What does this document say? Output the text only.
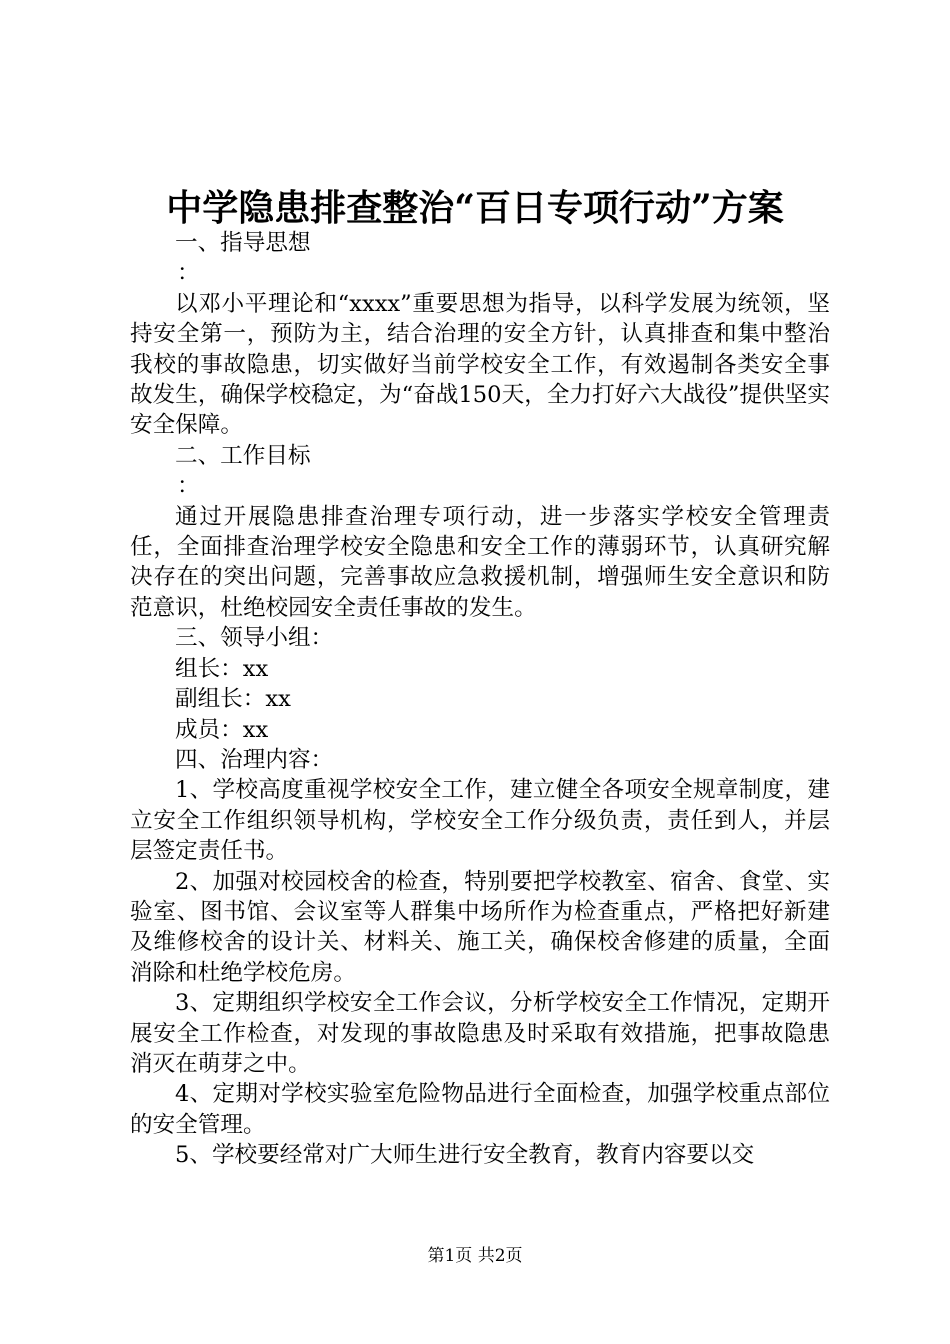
中学隐患排查整治“百日专项行动”方案

一、指导思想

：

以邓小平理论和“xxxx”重要思想为指导，以科学发展为统领，坚持安全第一，预防为主，结合治理的安全方针，认真排查和集中整治我校的事故隐患，切实做好当前学校安全工作，有效遏制各类安全事故发生，确保学校稳定，为“奋战150天，全力打好六大战役”提供坚实安全保障。

二、工作目标

：

通过开展隐患排查治理专项行动，进一步落实学校安全管理责任，全面排查治理学校安全隐患和安全工作的薄弱环节，认真研究解决存在的突出问题，完善事故应急救援机制，增强师生安全意识和防范意识，杜绝校园安全责任事故的发生。

三、领导小组：

组长：xx

副组长：xx

成员：xx

四、治理内容：

1、学校高度重视学校安全工作，建立健全各项安全规章制度，建立安全工作组织领导机构，学校安全工作分级负责，责任到人，并层层签定责任书。

2、加强对校园校舍的检查，特别要把学校教室、宿舍、食堂、实验室、图书馆、会议室等人群集中场所作为检查重点，严格把好新建及维修校舍的设计关、材料关、施工关，确保校舍修建的质量，全面消除和杜绝学校危房。

3、定期组织学校安全工作会议，分析学校安全工作情况，定期开展安全工作检查，对发现的事故隐患及时采取有效措施，把事故隐患消灭在萌芽之中。

4、定期对学校实验室危险物品进行全面检查，加强学校重点部位的安全管理。

5、学校要经常对广大师生进行安全教育，教育内容要以交

第1页 共2页
